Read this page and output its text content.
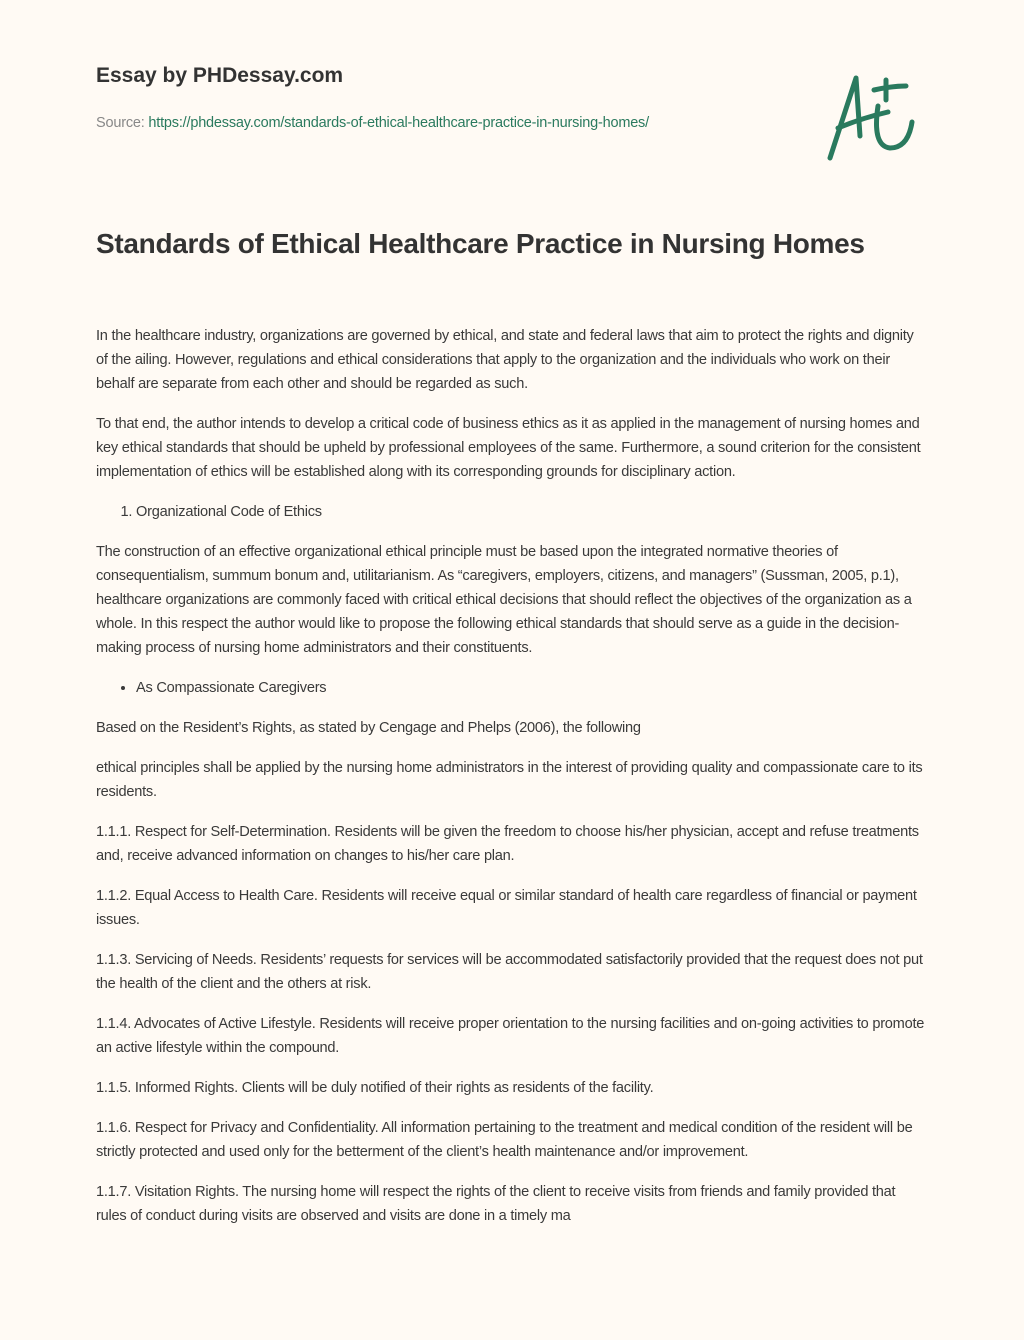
Essay by PHDessay.com
Source: https://phdessay.com/standards-of-ethical-healthcare-practice-in-nursing-homes/
Standards of Ethical Healthcare Practice in Nursing Homes

In the healthcare industry, organizations are governed by ethical, and state and federal laws that aim to protect the rights and dignity of the ailing. However, regulations and ethical considerations that apply to the organization and the individuals who work on their behalf are separate from each other and should be regarded as such.

To that end, the author intends to develop a critical code of business ethics as it as applied in the management of nursing homes and key ethical standards that should be upheld by professional employees of the same. Furthermore, a sound criterion for the consistent implementation of ethics will be established along with its corresponding grounds for disciplinary action.

1. Organizational Code of Ethics

The construction of an effective organizational ethical principle must be based upon the integrated normative theories of consequentialism, summum bonum and, utilitarianism. As “caregivers, employers, citizens, and managers” (Sussman, 2005, p.1), healthcare organizations are commonly faced with critical ethical decisions that should reflect the objectives of the organization as a whole. In this respect the author would like to propose the following ethical standards that should serve as a guide in the decision-making process of nursing home administrators and their constituents.

• As Compassionate Caregivers

Based on the Resident’s Rights, as stated by Cengage and Phelps (2006), the following

ethical principles shall be applied by the nursing home administrators in the interest of providing quality and compassionate care to its residents.

1.1.1. Respect for Self-Determination. Residents will be given the freedom to choose his/her physician, accept and refuse treatments and, receive advanced information on changes to his/her care plan.

1.1.2. Equal Access to Health Care. Residents will receive equal or similar standard of health care regardless of financial or payment issues.

1.1.3. Servicing of Needs. Residents’ requests for services will be accommodated satisfactorily provided that the request does not put the health of the client and the others at risk.

1.1.4. Advocates of Active Lifestyle. Residents will receive proper orientation to the nursing facilities and on-going activities to promote an active lifestyle within the compound.

1.1.5. Informed Rights. Clients will be duly notified of their rights as residents of the facility.

1.1.6. Respect for Privacy and Confidentiality. All information pertaining to the treatment and medical condition of the resident will be strictly protected and used only for the betterment of the client’s health maintenance and/or improvement.

1.1.7. Visitation Rights. The nursing home will respect the rights of the client to receive visits from friends and family provided that rules of conduct during visits are observed and visits are done in a timely ma
